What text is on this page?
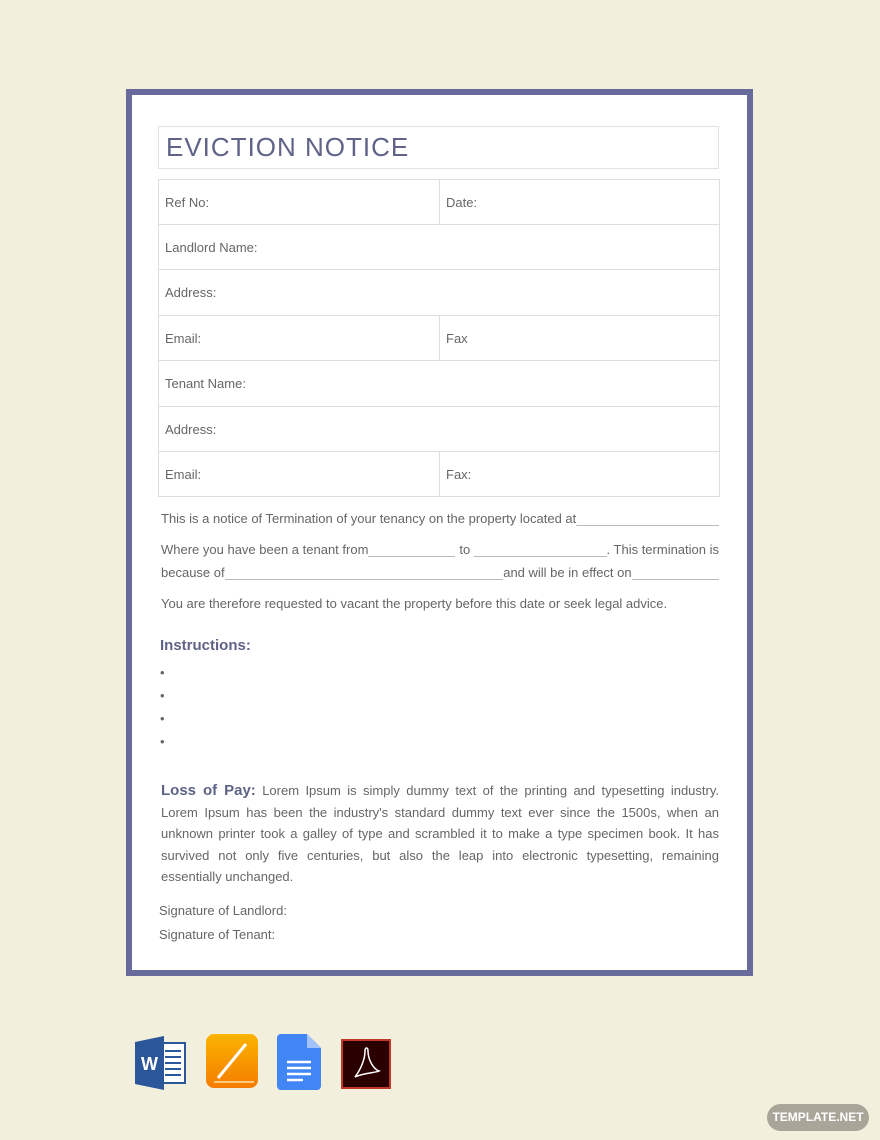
EVICTION NOTICE
Ref No:	Date:
Landlord Name:
Address:
Email:	Fax
Tenant Name:
Address:
Email:	Fax:
This is a notice of Termination of your tenancy on the property located at
Where you have been a tenant from	to	. This termination is
because of	and will be in effect on
You are therefore requested to vacant the property before this date or seek legal advice.
Instructions:
•
•
•
•
Loss of Pay: Lorem Ipsum is simply dummy text of the printing and typesetting industry. Lorem Ipsum has been the industry's standard dummy text ever since the 1500s, when an unknown printer took a galley of type and scrambled it to make a type specimen book. It has survived not only five centuries, but also the leap into electronic typesetting, remaining essentially unchanged.
Signature of Landlord:
Signature of Tenant:
W
TEMPLATE.NET
